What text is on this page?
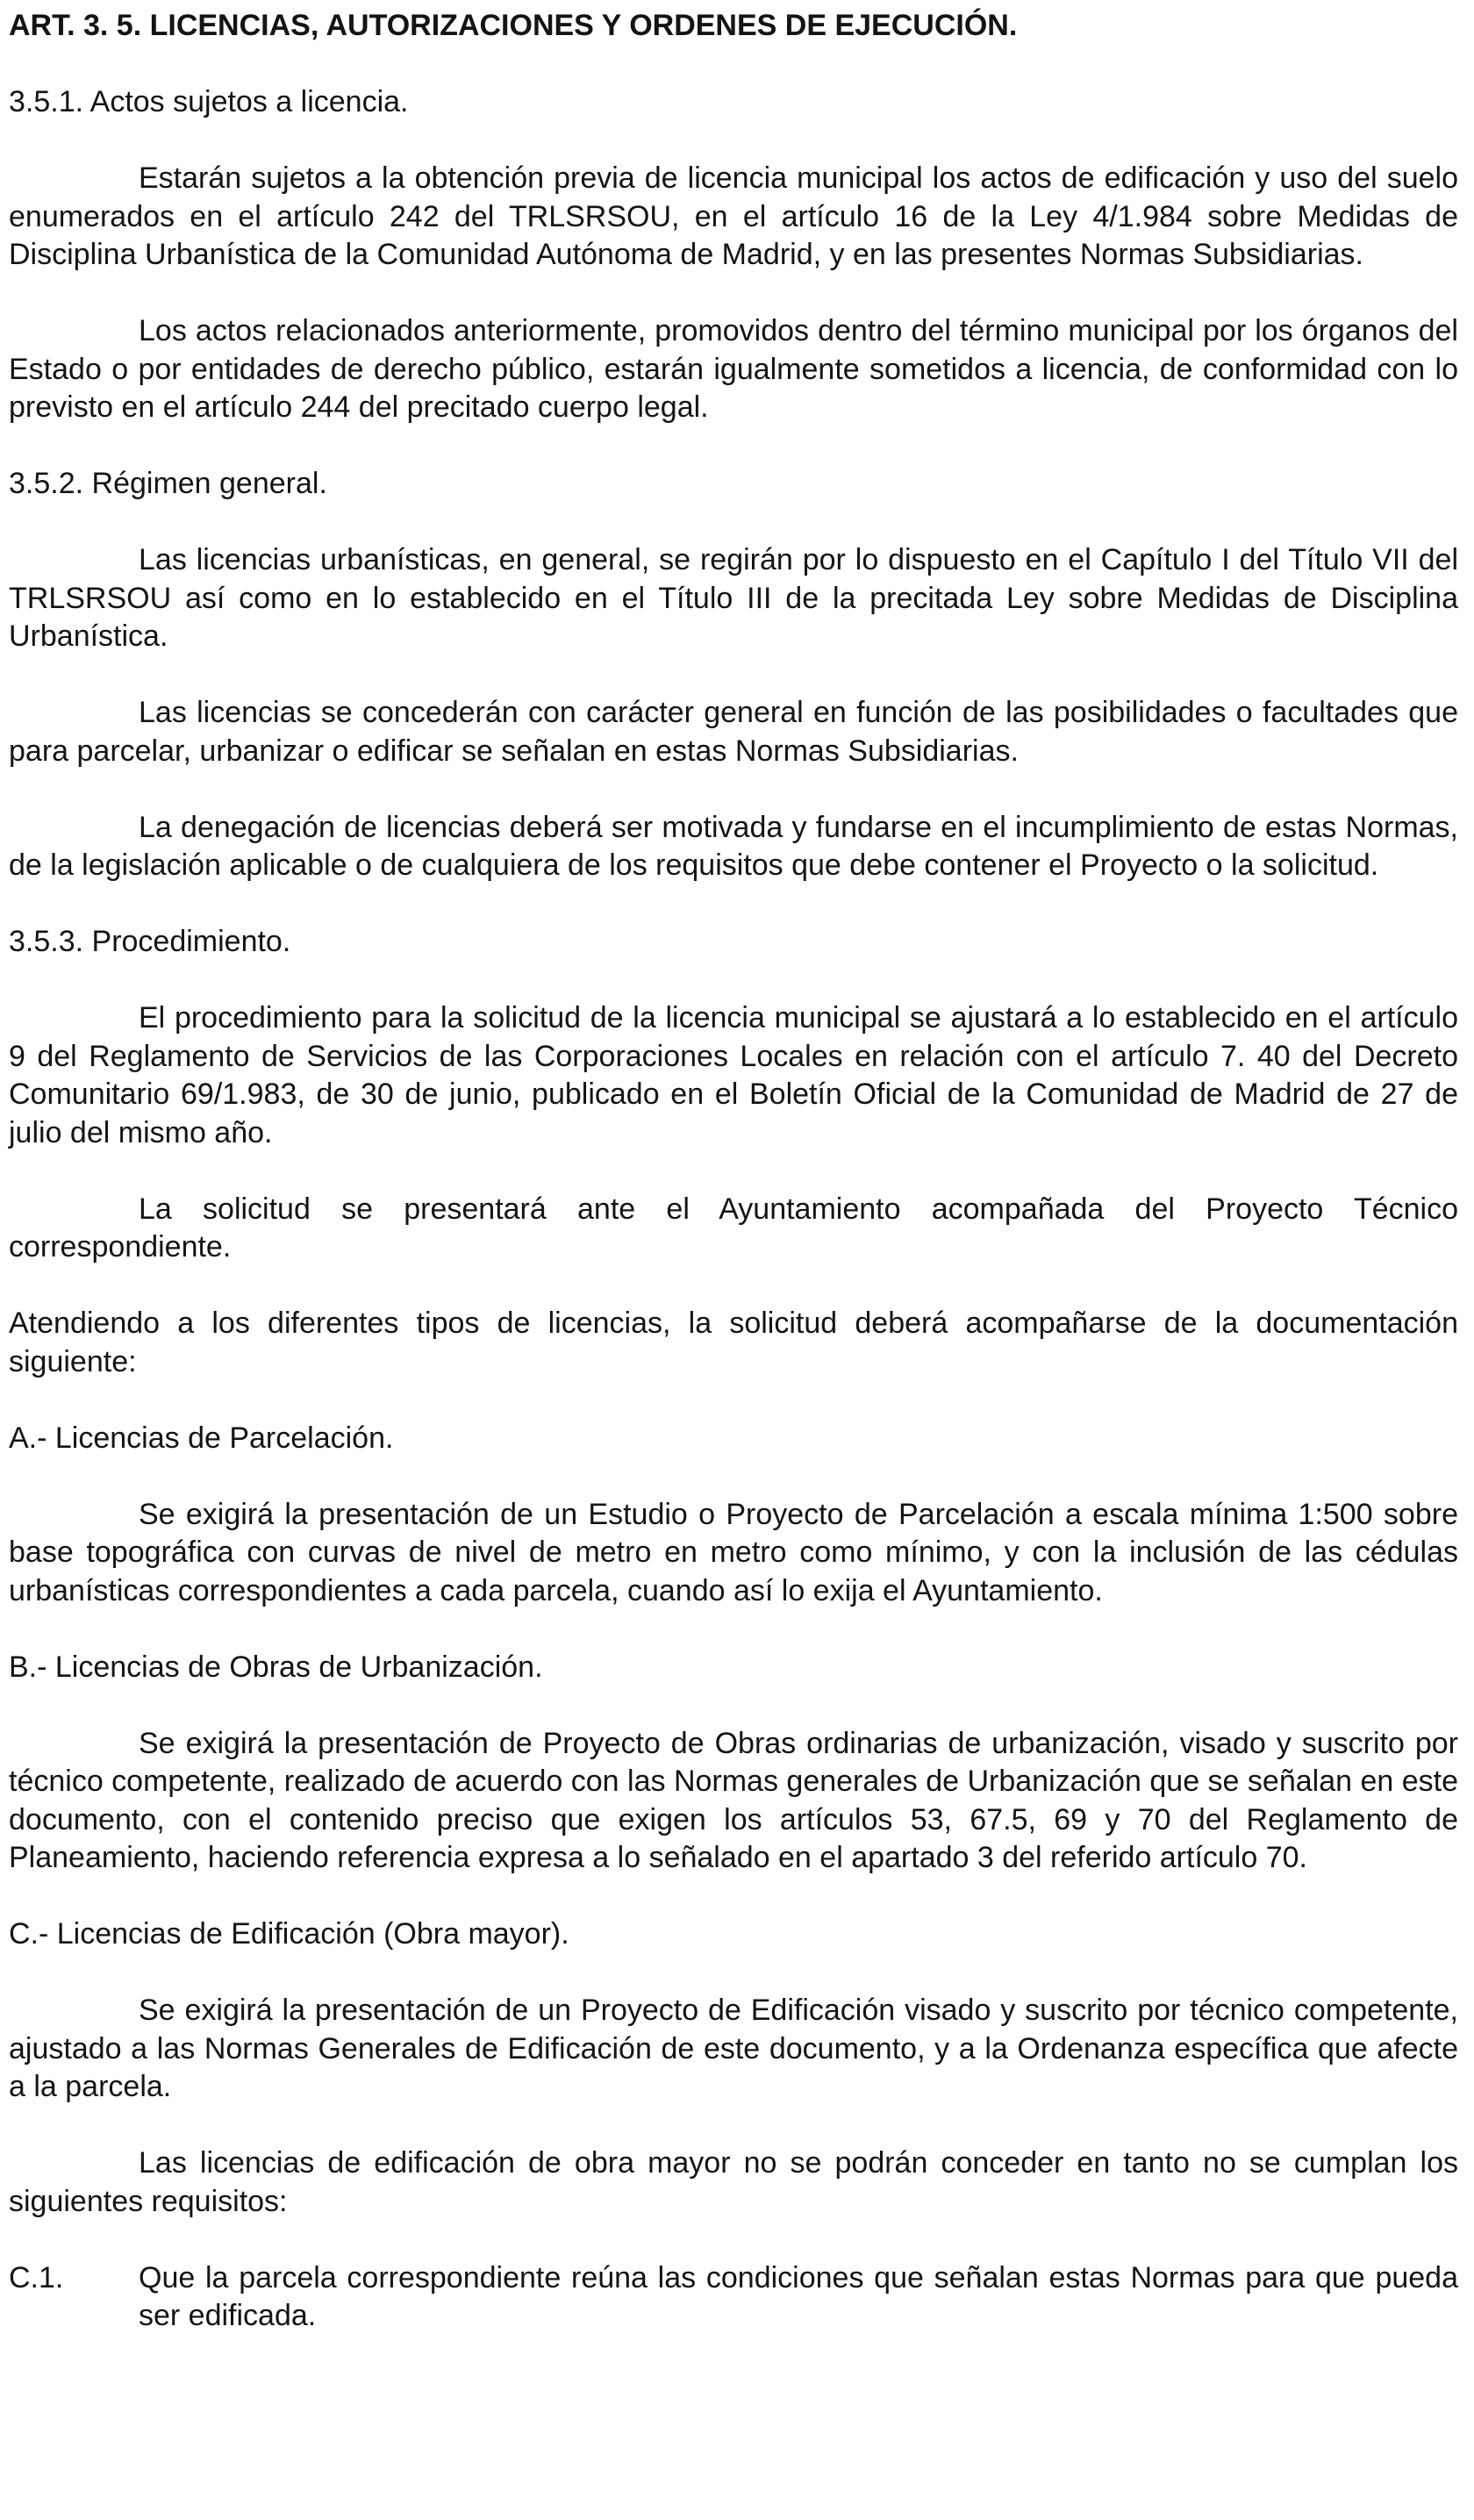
ART. 3. 5. LICENCIAS, AUTORIZACIONES Y ORDENES DE EJECUCIÓN.

3.5.1. Actos sujetos a licencia.

Estarán sujetos a la obtención previa de licencia municipal los actos de edificación y uso del suelo enumerados en el artículo 242 del TRLSRSOU, en el artículo 16 de la Ley 4/1.984 sobre Medidas de Disciplina Urbanística de la Comunidad Autónoma de Madrid, y en las presentes Normas Subsidiarias.

Los actos relacionados anteriormente, promovidos dentro del término municipal por los órganos del Estado o por entidades de derecho público, estarán igualmente sometidos a licencia, de conformidad con lo previsto en el artículo 244 del precitado cuerpo legal.

3.5.2. Régimen general.

Las licencias urbanísticas, en general, se regirán por lo dispuesto en el Capítulo I del Título VII del TRLSRSOU así como en lo establecido en el Título III de la precitada Ley sobre Medidas de Disciplina Urbanística.

Las licencias se concederán con carácter general en función de las posibilidades o facultades que para parcelar, urbanizar o edificar se señalan en estas Normas Subsidiarias.

La denegación de licencias deberá ser motivada y fundarse en el incumplimiento de estas Normas, de la legislación aplicable o de cualquiera de los requisitos que debe contener el Proyecto o la solicitud.

3.5.3. Procedimiento.

El procedimiento para la solicitud de la licencia municipal se ajustará a lo establecido en el artículo 9 del Reglamento de Servicios de las Corporaciones Locales en relación con el artículo 7. 40 del Decreto Comunitario 69/1.983, de 30 de junio, publicado en el Boletín Oficial de la Comunidad de Madrid de 27 de julio del mismo año.

La solicitud se presentará ante el Ayuntamiento acompañada del Proyecto Técnico correspondiente.

Atendiendo a los diferentes tipos de licencias, la solicitud deberá acompañarse de la documentación siguiente:

A.- Licencias de Parcelación.

Se exigirá la presentación de un Estudio o Proyecto de Parcelación a escala mínima 1:500 sobre base topográfica con curvas de nivel de metro en metro como mínimo, y con la inclusión de las cédulas urbanísticas correspondientes a cada parcela, cuando así lo exija el Ayuntamiento.

B.- Licencias de Obras de Urbanización.

Se exigirá la presentación de Proyecto de Obras ordinarias de urbanización, visado y suscrito por técnico competente, realizado de acuerdo con las Normas generales de Urbanización que se señalan en este documento, con el contenido preciso que exigen los artículos 53, 67.5, 69 y 70 del Reglamento de Planeamiento, haciendo referencia expresa a lo señalado en el apartado 3 del referido artículo 70.

C.- Licencias de Edificación (Obra mayor).

Se exigirá la presentación de un Proyecto de Edificación visado y suscrito por técnico competente, ajustado a las Normas Generales de Edificación de este documento, y a la Ordenanza específica que afecte a la parcela.

Las licencias de edificación de obra mayor no se podrán conceder en tanto no se cumplan los siguientes requisitos:

C.1.	Que la parcela correspondiente reúna las condiciones que señalan estas Normas para que pueda ser edificada.
